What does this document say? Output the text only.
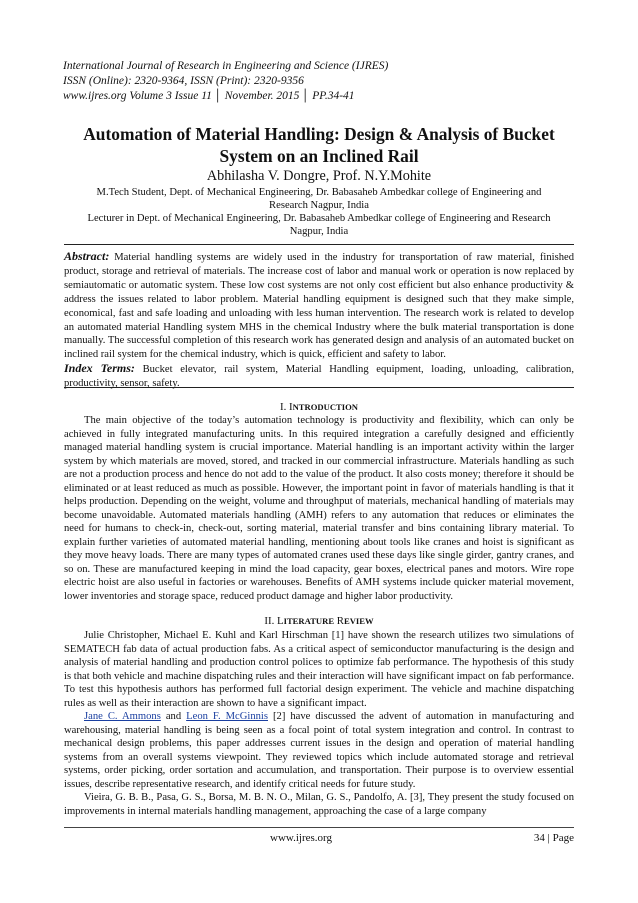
International Journal of Research in Engineering and Science (IJRES)
ISSN (Online): 2320-9364, ISSN (Print): 2320-9356
www.ijres.org Volume 3 Issue 11 │ November. 2015 │ PP.34-41
Automation of Material Handling: Design & Analysis of Bucket
System on an Inclined Rail
Abhilasha V. Dongre, Prof. N.Y.Mohite
M.Tech Student, Dept. of Mechanical Engineering, Dr. Babasaheb Ambedkar college of Engineering and
Research Nagpur, India
Lecturer in Dept. of Mechanical Engineering, Dr. Babasaheb Ambedkar college of Engineering and Research
Nagpur, India
Abstract: Material handling systems are widely used in the industry for transportation of raw material, finished product, storage and retrieval of materials. The increase cost of labor and manual work or operation is now replaced by semiautomatic or automatic system. These low cost systems are not only cost efficient but also enhance productivity & address the issues related to labor problem. Material handling equipment is designed such that they make simple, economical, fast and safe loading and unloading with less human intervention. The research work is related to develop an automated material Handling system MHS in the chemical Industry where the bulk material transportation is done manually. The successful completion of this research work has generated design and analysis of an automated bucket on inclined rail system for the chemical industry, which is quick, efficient and safety to labor.
Index Terms: Bucket elevator, rail system, Material Handling equipment, loading, unloading, calibration, productivity, sensor, safety.
I. INTRODUCTION

The main objective of the today’s automation technology is productivity and flexibility, which can only be achieved in fully integrated manufacturing units. In this required integration a carefully designed and efficiently managed material handling system is crucial importance. Material handling is an important activity within the larger system by which materials are moved, stored, and tracked in our commercial infrastructure. Materials handling as such are not a production process and hence do not add to the value of the product. It also costs money; therefore it should be eliminated or at least reduced as much as possible. However, the important point in favor of materials handling is that it helps production. Depending on the weight, volume and throughput of materials, mechanical handling of materials may become unavoidable. Automated materials handling (AMH) refers to any automation that reduces or eliminates the need for humans to check-in, check-out, sorting material, material transfer and bins containing library material. To explain further varieties of automated material handling, mentioning about tools like cranes and hoist is significant as they move heavy loads. There are many types of automated cranes used these days like single girder, gantry cranes, and so on. These are manufactured keeping in mind the load capacity, gear boxes, electrical panes and motors. Wire rope electric hoist are also useful in factories or warehouses. Benefits of AMH systems include quicker material movement, lower inventories and storage space, reduced product damage and higher labor productivity.

II. LITERATURE REVIEW

Julie Christopher, Michael E. Kuhl and Karl Hirschman [1] have shown the research utilizes two simulations of SEMATECH fab data of actual production fabs. As a critical aspect of semiconductor manufacturing is the design and analysis of material handling and production control polices to optimize fab performance. The hypothesis of this study is that both vehicle and machine dispatching rules and their interaction will have significant impact on fab performance. To test this hypothesis authors has performed full factorial design experiment. The vehicle and machine dispatching rules as well as their interaction are shown to have a significant impact.

Jane C. Ammons and Leon F. McGinnis [2] have discussed the advent of automation in manufacturing and warehousing, material handling is being seen as a focal point of total system integration and control. In contrast to mechanical design problems, this paper addresses current issues in the design and operation of material handling systems from an overall systems viewpoint. They reviewed topics which include automated storage and retrieval systems, order picking, order sortation and accumulation, and transportation. Their purpose is to overview essential issues, describe representative research, and identify critical needs for future study.

Vieira, G. B. B., Pasa, G. S., Borsa, M. B. N. O., Milan, G. S., Pandolfo, A. [3], They present the study focused on improvements in internal materials handling management, approaching the case of a large company

www.ijres.org	34 | Page
